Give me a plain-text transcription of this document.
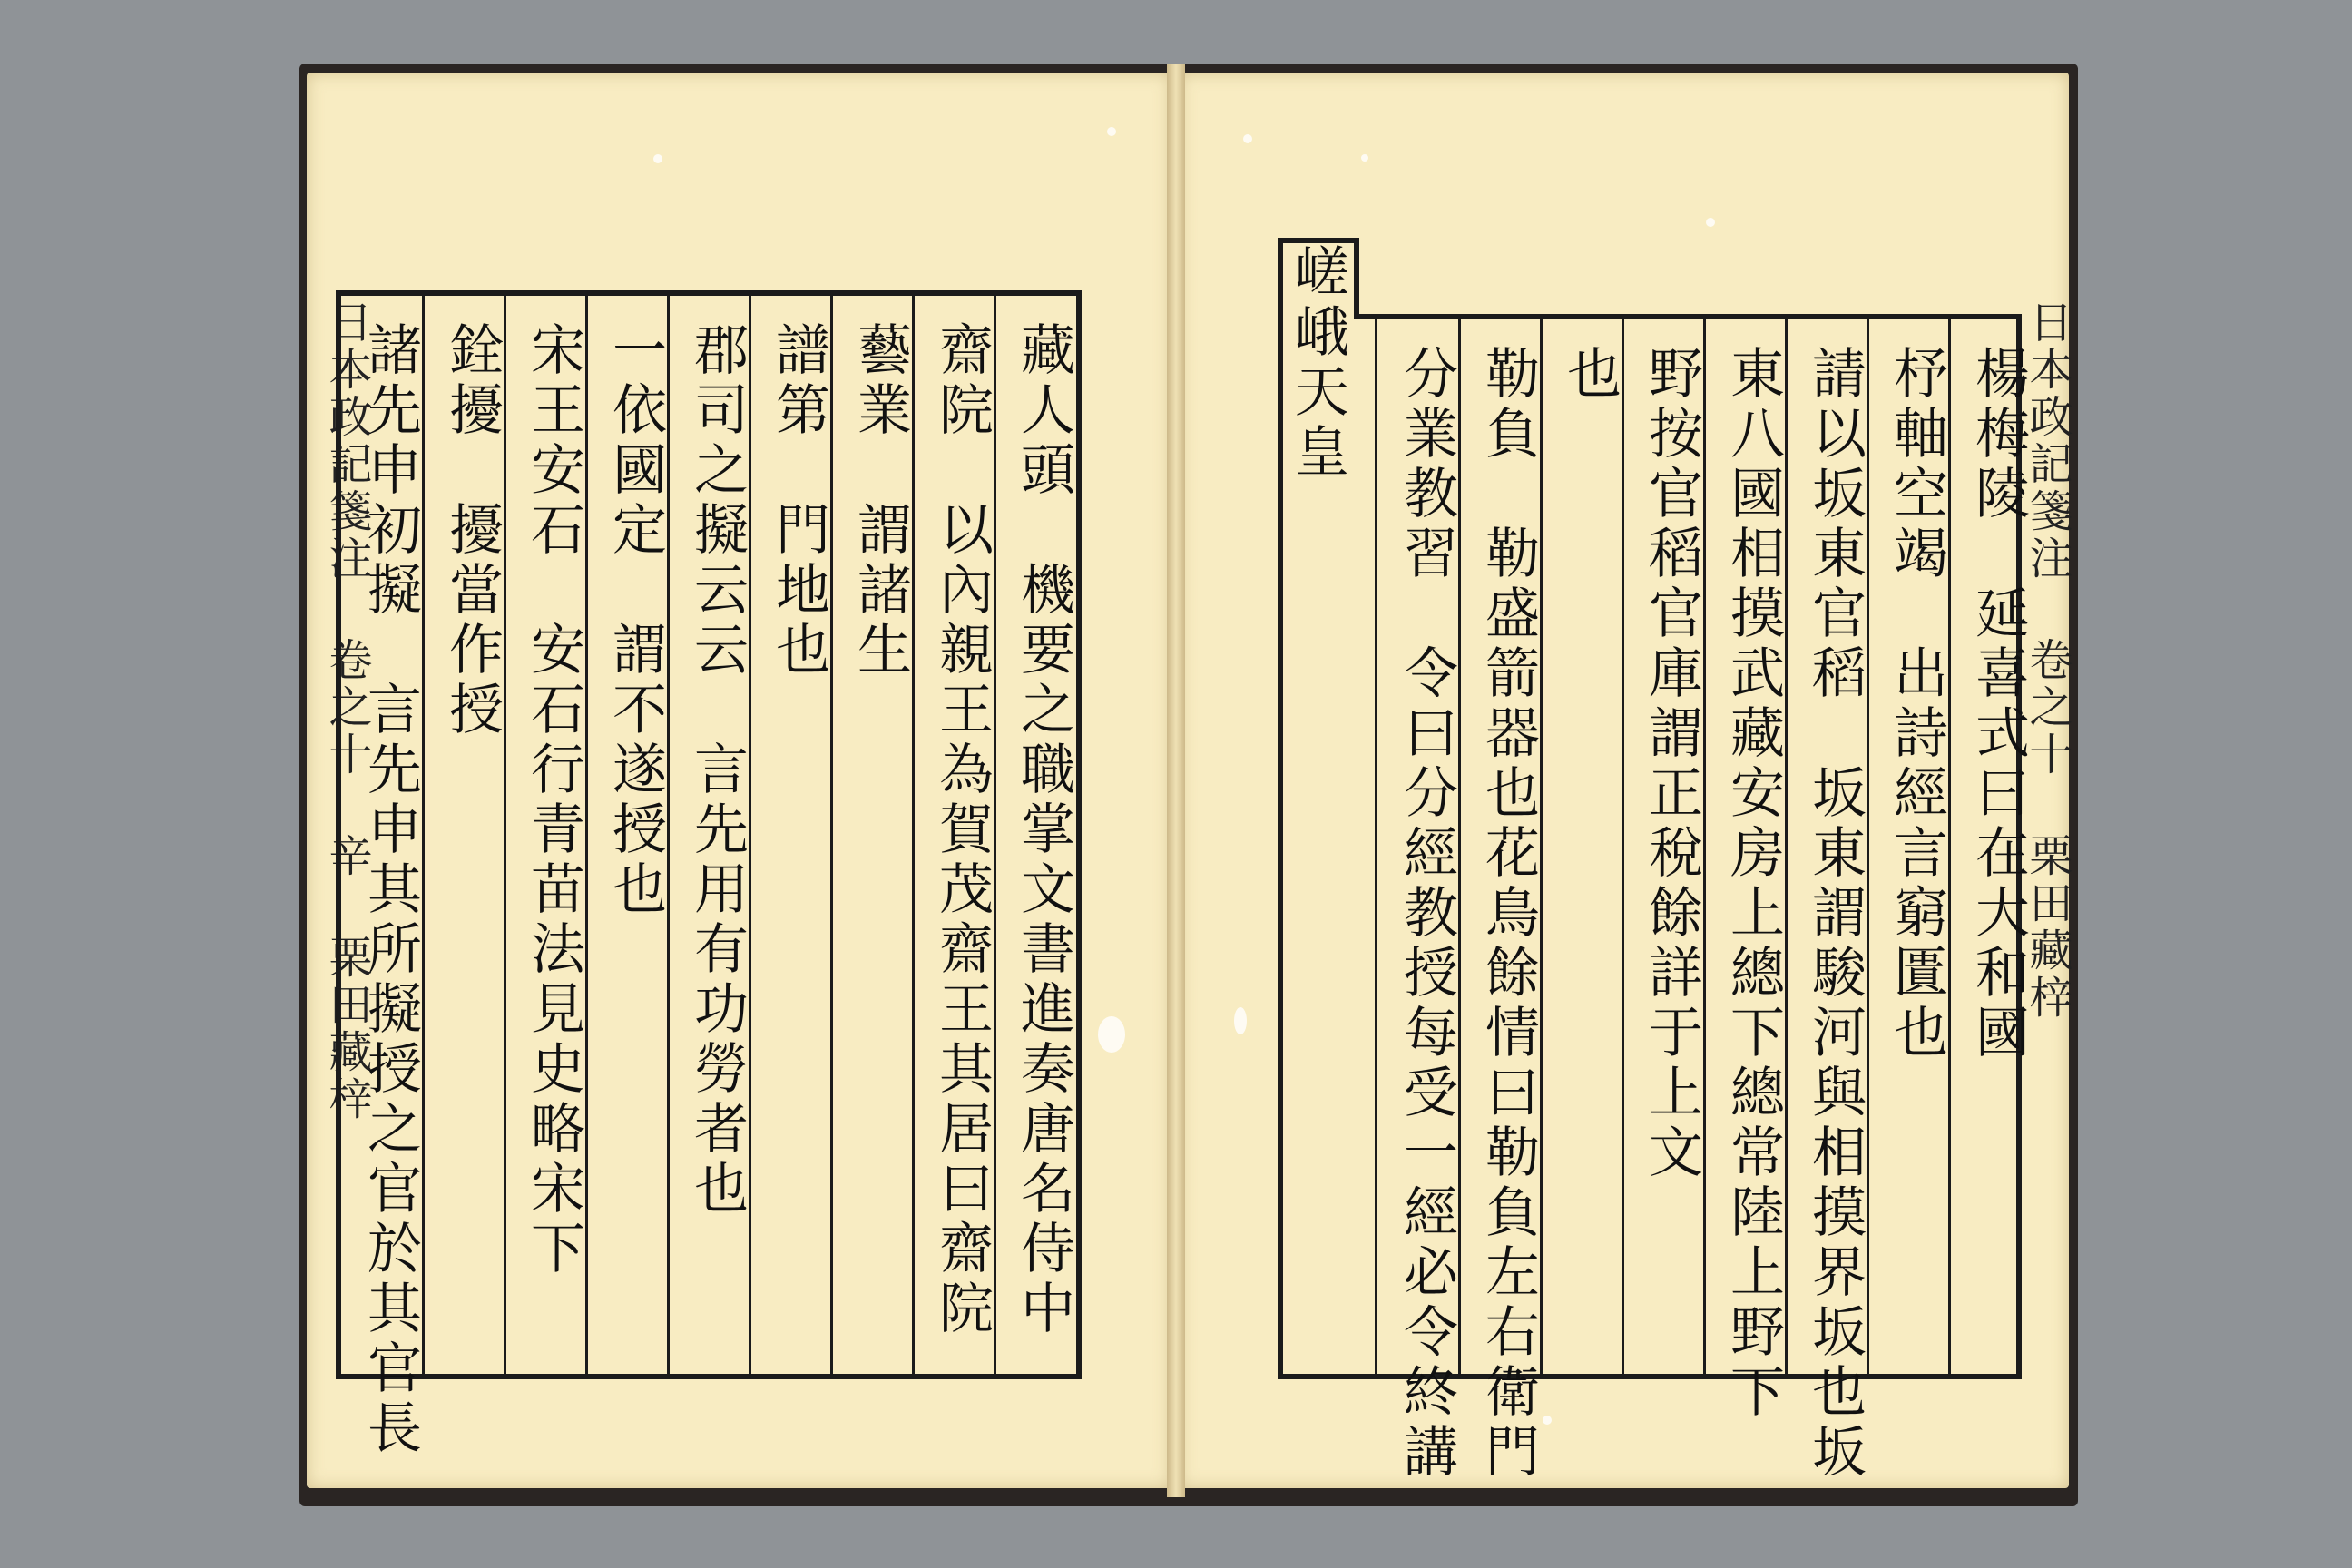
日本政記箋注 卷之十 辛 栗田藏梓
諸先申初擬　言先申其所擬授之官於其官長 銓擾　擾當作授 宋王安石　安石行青苗法見史略宋下 一依國定　謂不遂授也 郡司之擬云云　言先用有功勞者也 譜第　門地也 藝業　謂諸生 齋院　以內親王為賀茂齋王其居曰齋院 藏人頭　機要之職掌文書進奏唐名侍中	嵯峨天皇 分業教習　令曰分經教授每受一經必令終講 勒負　勒盛箭器也花鳥餘情曰勒負左右衛門 也 野按官稻官庫謂正稅餘詳于上文 東八國相摸武藏安房上總下總常陸上野下 請以坂東官稻　坂東謂駿河與相摸界坂也坂 杼軸空竭　出詩經言窮匱也 楊梅陵　延喜式曰在大和國
日本政記箋注 卷之十 栗田藏梓
